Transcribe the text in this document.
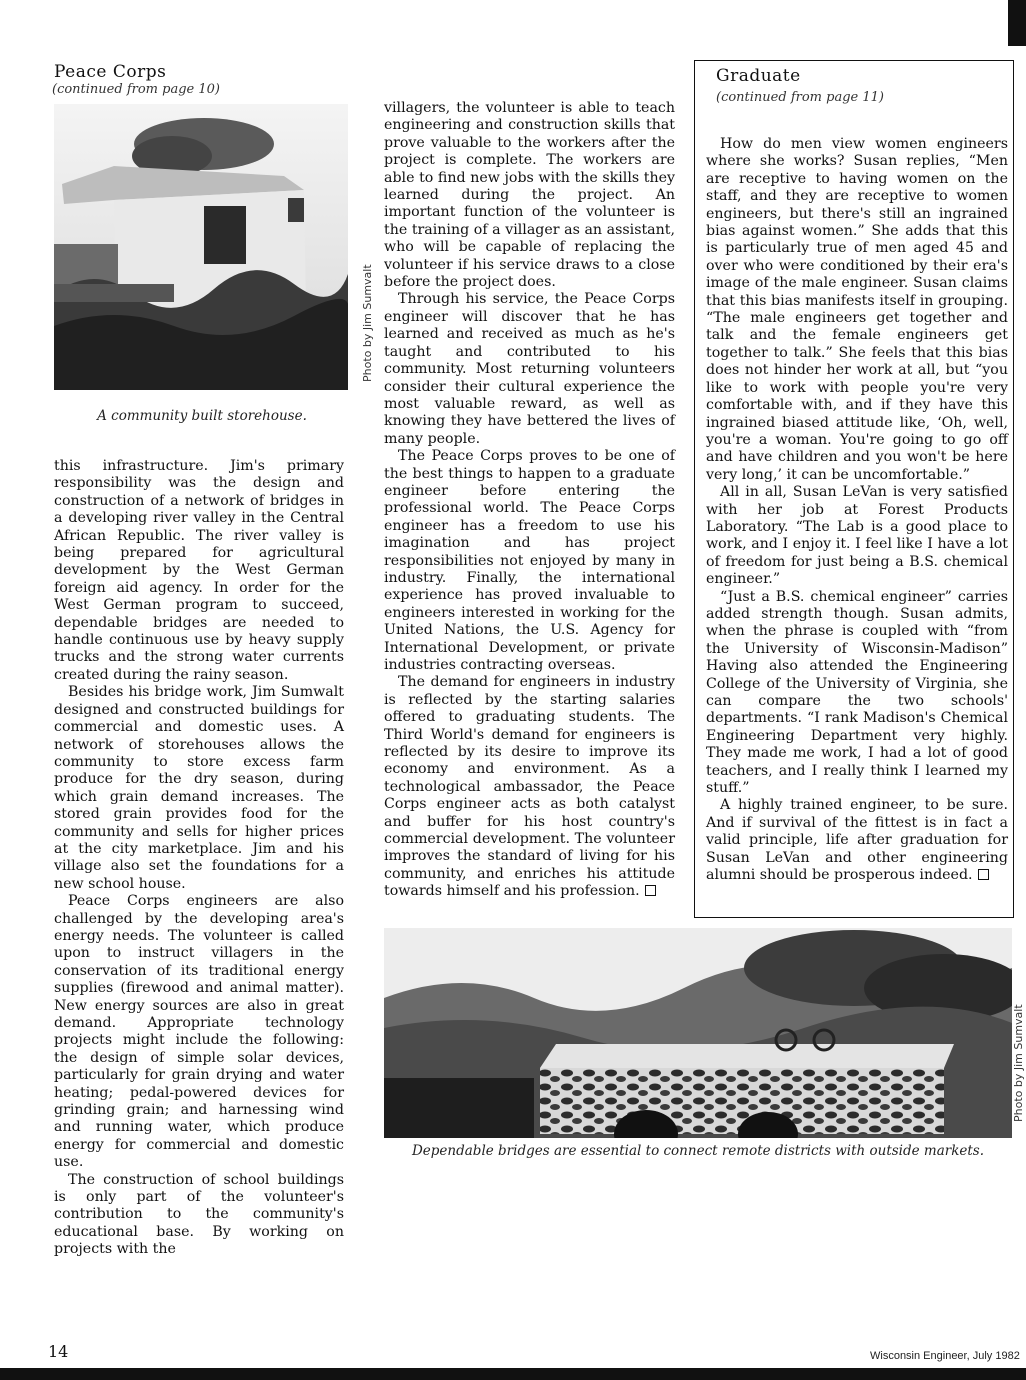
Peace Corps
(continued from page 10)
Photo by Jim Sumvalt
A community built storehouse.

this infrastructure. Jim's primary responsibility was the design and construction of a network of bridges in a developing river valley in the Central African Republic. The river valley is being prepared for agricultural development by the West German foreign aid agency. In order for the West German program to succeed, dependable bridges are needed to handle continuous use by heavy supply trucks and the strong water currents created during the rainy season.

Besides his bridge work, Jim Sumwalt designed and constructed buildings for commercial and domestic uses. A network of storehouses allows the community to store excess farm produce for the dry season, during which grain demand increases. The stored grain provides food for the community and sells for higher prices at the city marketplace. Jim and his village also set the foundations for a new school house.

Peace Corps engineers are also challenged by the developing area's energy needs. The volunteer is called upon to instruct villagers in the conservation of its traditional energy supplies (firewood and animal matter). New energy sources are also in great demand. Appropriate technology projects might include the following: the design of simple solar devices, particularly for grain drying and water heating; pedal-powered devices for grinding grain; and harnessing wind and running water, which produce energy for commercial and domestic use.

The construction of school buildings is only part of the volunteer's contribution to the community's educational base. By working on projects with the

villagers, the volunteer is able to teach engineering and construction skills that prove valuable to the workers after the project is complete. The workers are able to find new jobs with the skills they learned during the project. An important function of the volunteer is the training of a villager as an assistant, who will be capable of replacing the volunteer if his service draws to a close before the project does.

Through his service, the Peace Corps engineer will discover that he has learned and received as much as he's taught and contributed to his community. Most returning volunteers consider their cultural experience the most valuable reward, as well as knowing they have bettered the lives of many people.

The Peace Corps proves to be one of the best things to happen to a graduate engineer before entering the professional world. The Peace Corps engineer has a freedom to use his imagination and has project responsibilities not enjoyed by many in industry. Finally, the international experience has proved invaluable to engineers interested in working for the United Nations, the U.S. Agency for International Development, or private industries contracting overseas.

The demand for engineers in industry is reflected by the starting salaries offered to graduating students. The Third World's demand for engineers is reflected by its desire to improve its economy and environment. As a technological ambassador, the Peace Corps engineer acts as both catalyst and buffer for his host country's commercial development. The volunteer improves the standard of living for his community, and enriches his attitude towards himself and his profession.

Graduate
(continued from page 11)

How do men view women engineers where she works? Susan replies, “Men are receptive to having women on the staff, and they are receptive to women engineers, but there's still an ingrained bias against women.” She adds that this is particularly true of men aged 45 and over who were conditioned by their era's image of the male engineer. Susan claims that this bias manifests itself in grouping. “The male engineers get together and talk and the female engineers get together to talk.” She feels that this bias does not hinder her work at all, but “you like to work with people you're very comfortable with, and if they have this ingrained biased attitude like, ‘Oh, well, you're a woman. You're going to go off and have children and you won't be here very long,’ it can be uncomfortable.”

All in all, Susan LeVan is very satisfied with her job at Forest Products Laboratory. “The Lab is a good place to work, and I enjoy it. I feel like I have a lot of freedom for just being a B.S. chemical engineer.”

“Just a B.S. chemical engineer” carries added strength though. Susan admits, when the phrase is coupled with “from the University of Wisconsin-Madison” Having also attended the Engineering College of the University of Virginia, she can compare the two schools' departments. “I rank Madison's Chemical Engineering Department very highly. They made me work, I had a lot of good teachers, and I really think I learned my stuff.”

A highly trained engineer, to be sure. And if survival of the fittest is in fact a valid principle, life after graduation for Susan LeVan and other engineering alumni should be prosperous indeed.

Photo by Jim Sumvalt
Dependable bridges are essential to connect remote districts with outside markets.
14	Wisconsin Engineer, July 1982
